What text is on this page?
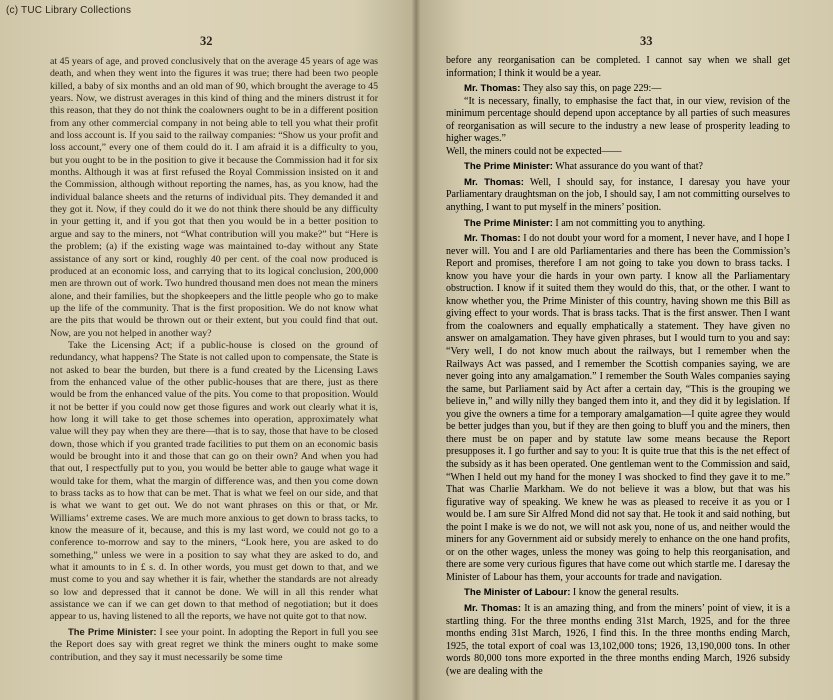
(c) TUC Library Collections
32

at 45 years of age, and proved conclusively that on the average 45 years of age was death, and when they went into the figures it was true; there had been two people killed, a baby of six months and an old man of 90, which brought the average to 45 years. Now, we distrust averages in this kind of thing and the miners distrust it for this reason, that they do not think the coalowners ought to be in a different position from any other commercial company in not being able to tell you what their profit and loss account is. If you said to the railway companies: “Show us your profit and loss account,” every one of them could do it. I am afraid it is a difficulty to you, but you ought to be in the position to give it because the Commission had it for six months. Although it was at first refused the Royal Commission insisted on it and the Commission, although without reporting the names, has, as you know, had the individual balance sheets and the returns of individual pits. They demanded it and they got it. Now, if they could do it we do not think there should be any difficulty in your getting it, and if you got that then you would be in a better position to argue and say to the miners, not “What contribution will you make?” but “Here is the problem; (a) if the existing wage was maintained to-day without any State assistance of any sort or kind, roughly 40 per cent. of the coal now produced is produced at an economic loss, and carrying that to its logical conclusion, 200,000 men are thrown out of work. Two hundred thousand men does not mean the miners alone, and their families, but the shopkeepers and the little people who go to make up the life of the community. That is the first proposition. We do not know what are the pits that would be thrown out or their extent, but you could find that out. Now, are you not helped in another way?

Take the Licensing Act; if a public-house is closed on the ground of redundancy, what happens? The State is not called upon to compensate, the State is not asked to bear the burden, but there is a fund created by the Licensing Laws from the enhanced value of the other public-houses that are there, just as there would be from the enhanced value of the pits. You come to that proposition. Would it not be better if you could now get those figures and work out clearly what it is, how long it will take to get those schemes into operation, approximately what value will they pay when they are there—that is to say, those that have to be closed down, those which if you granted trade facilities to put them on an economic basis would be brought into it and those that can go on their own? And when you had that out, I respectfully put to you, you would be better able to gauge what wage it would take for them, what the margin of difference was, and then you come down to brass tacks as to how that can be met. That is what we feel on our side, and that is what we want to get out. We do not want phrases on this or that, or Mr. Williams’ extreme cases. We are much more anxious to get down to brass tacks, to know the measure of it, because, and this is my last word, we could not go to a conference to-morrow and say to the miners, “Look here, you are asked to do something,” unless we were in a position to say what they are asked to do, and what it amounts to in £ s. d. In other words, you must get down to that, and we must come to you and say whether it is fair, whether the standards are not already so low and depressed that it cannot be done. We will in all this render what assistance we can if we can get down to that method of negotiation; but it does appear to us, having listened to all the reports, we have not quite got to that now.

The Prime Minister: I see your point. In adopting the Report in full you see the Report does say with great regret we think the miners ought to make some contribution, and they say it must necessarily be some time

33

before any reorganisation can be completed. I cannot say when we shall get information; I think it would be a year.

Mr. Thomas: They also say this, on page 229:—

“It is necessary, finally, to emphasise the fact that, in our view, revision of the minimum percentage should depend upon acceptance by all parties of such measures of reorganisation as will secure to the industry a new lease of prosperity leading to higher wages.”

Well, the miners could not be expected——

The Prime Minister: What assurance do you want of that?

Mr. Thomas: Well, I should say, for instance, I daresay you have your Parliamentary draughtsman on the job, I should say, I am not committing ourselves to anything, I want to put myself in the miners’ position.

The Prime Minister: I am not committing you to anything.

Mr. Thomas: I do not doubt your word for a moment, I never have, and I hope I never will. You and I are old Parliamentaries and there has been the Commission’s Report and promises, therefore I am not going to take you down to brass tacks. I know you have your die hards in your own party. I know all the Parliamentary obstruction. I know if it suited them they would do this, that, or the other. I want to know whether you, the Prime Minister of this country, having shown me this Bill as giving effect to your words. That is brass tacks. That is the first answer. Then I want from the coalowners and equally emphatically a statement. They have given no answer on amalgamation. They have given phrases, but I would turn to you and say: “Very well, I do not know much about the railways, but I remember when the Railways Act was passed, and I remember the Scottish companies saying, we are never going into any amalgamation.” I remember the South Wales companies saying the same, but Parliament said by Act after a certain day, “This is the grouping we believe in,” and willy nilly they banged them into it, and they did it by legislation. If you give the owners a time for a temporary amalgamation—I quite agree they would be better judges than you, but if they are then going to bluff you and the miners, then there must be on paper and by statute law some means because the Report presupposes it. I go further and say to you: It is quite true that this is the net effect of the subsidy as it has been operated. One gentleman went to the Commission and said, “When I held out my hand for the money I was shocked to find they gave it to me.” That was Charlie Markham. We do not believe it was a blow, but that was his figurative way of speaking. We knew he was as pleased to receive it as you or I would be. I am sure Sir Alfred Mond did not say that. He took it and said nothing, but the point I make is we do not, we will not ask you, none of us, and neither would the miners for any Government aid or subsidy merely to enhance on the one hand profits, or on the other wages, unless the money was going to help this reorganisation, and there are some very curious figures that have come out which startle me. I daresay the Minister of Labour has them, your accounts for trade and navigation.

The Minister of Labour: I know the general results.

Mr. Thomas: It is an amazing thing, and from the miners’ point of view, it is a startling thing. For the three months ending 31st March, 1925, and for the three months ending 31st March, 1926, I find this. In the three months ending March, 1925, the total export of coal was 13,102,000 tons; 1926, 13,190,000 tons. In other words 80,000 tons more exported in the three months ending March, 1926 subsidy (we are dealing with the
